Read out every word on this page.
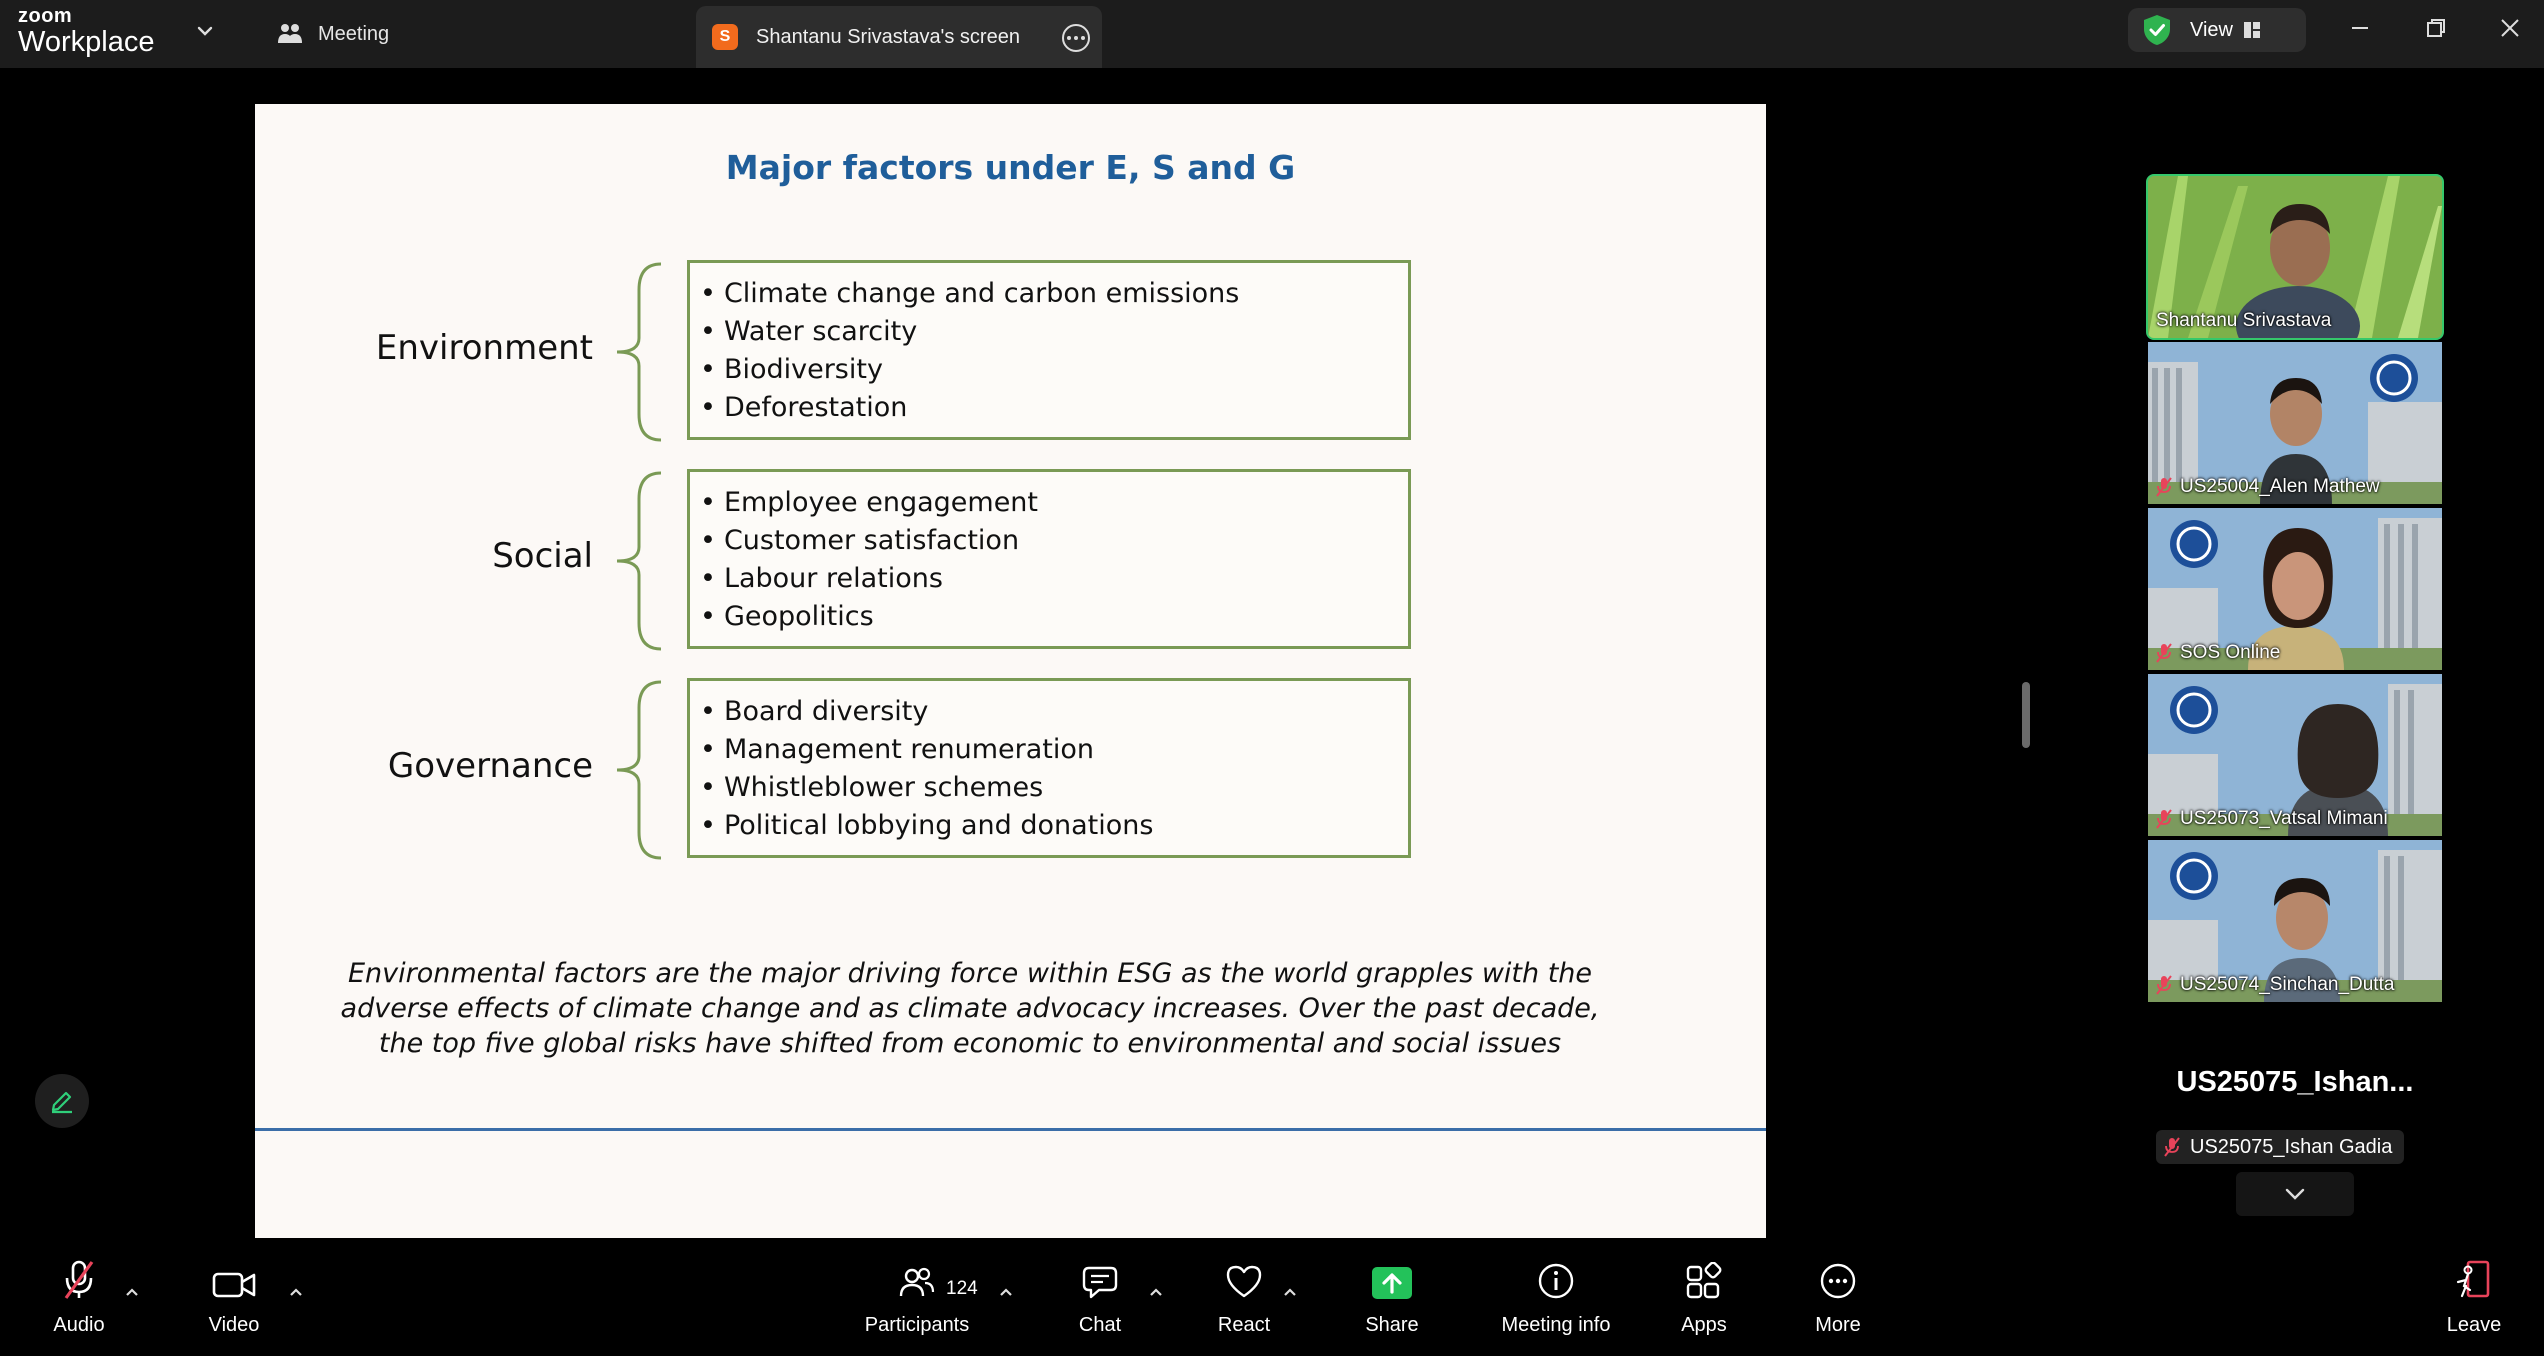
zoom
Workplace	Meeting	S	Shantanu Srivastava's screen	View
Major factors under E, S and G
Environment
• Climate change and carbon emissions
• Water scarcity
• Biodiversity
• Deforestation
Social
• Employee engagement
• Customer satisfaction
• Labour relations
• Geopolitics
Governance
• Board diversity
• Management renumeration
• Whistleblower schemes
• Political lobbying and donations
Environmental factors are the major driving force within ESG as the world grapples with the adverse effects of climate change and as climate advocacy increases. Over the past decade, the top five global risks have shifted from economic to environmental and social issues
Shantanu Srivastava
US25004_Alen Mathew
SOS Online
US25073_Vatsal Mimani
US25074_Sinchan_Dutta
US25075_Ishan...
US25075_Ishan Gadia
Audio	Video	Participants	Chat	React	Share	Meeting info	Apps	More	Leave
124
